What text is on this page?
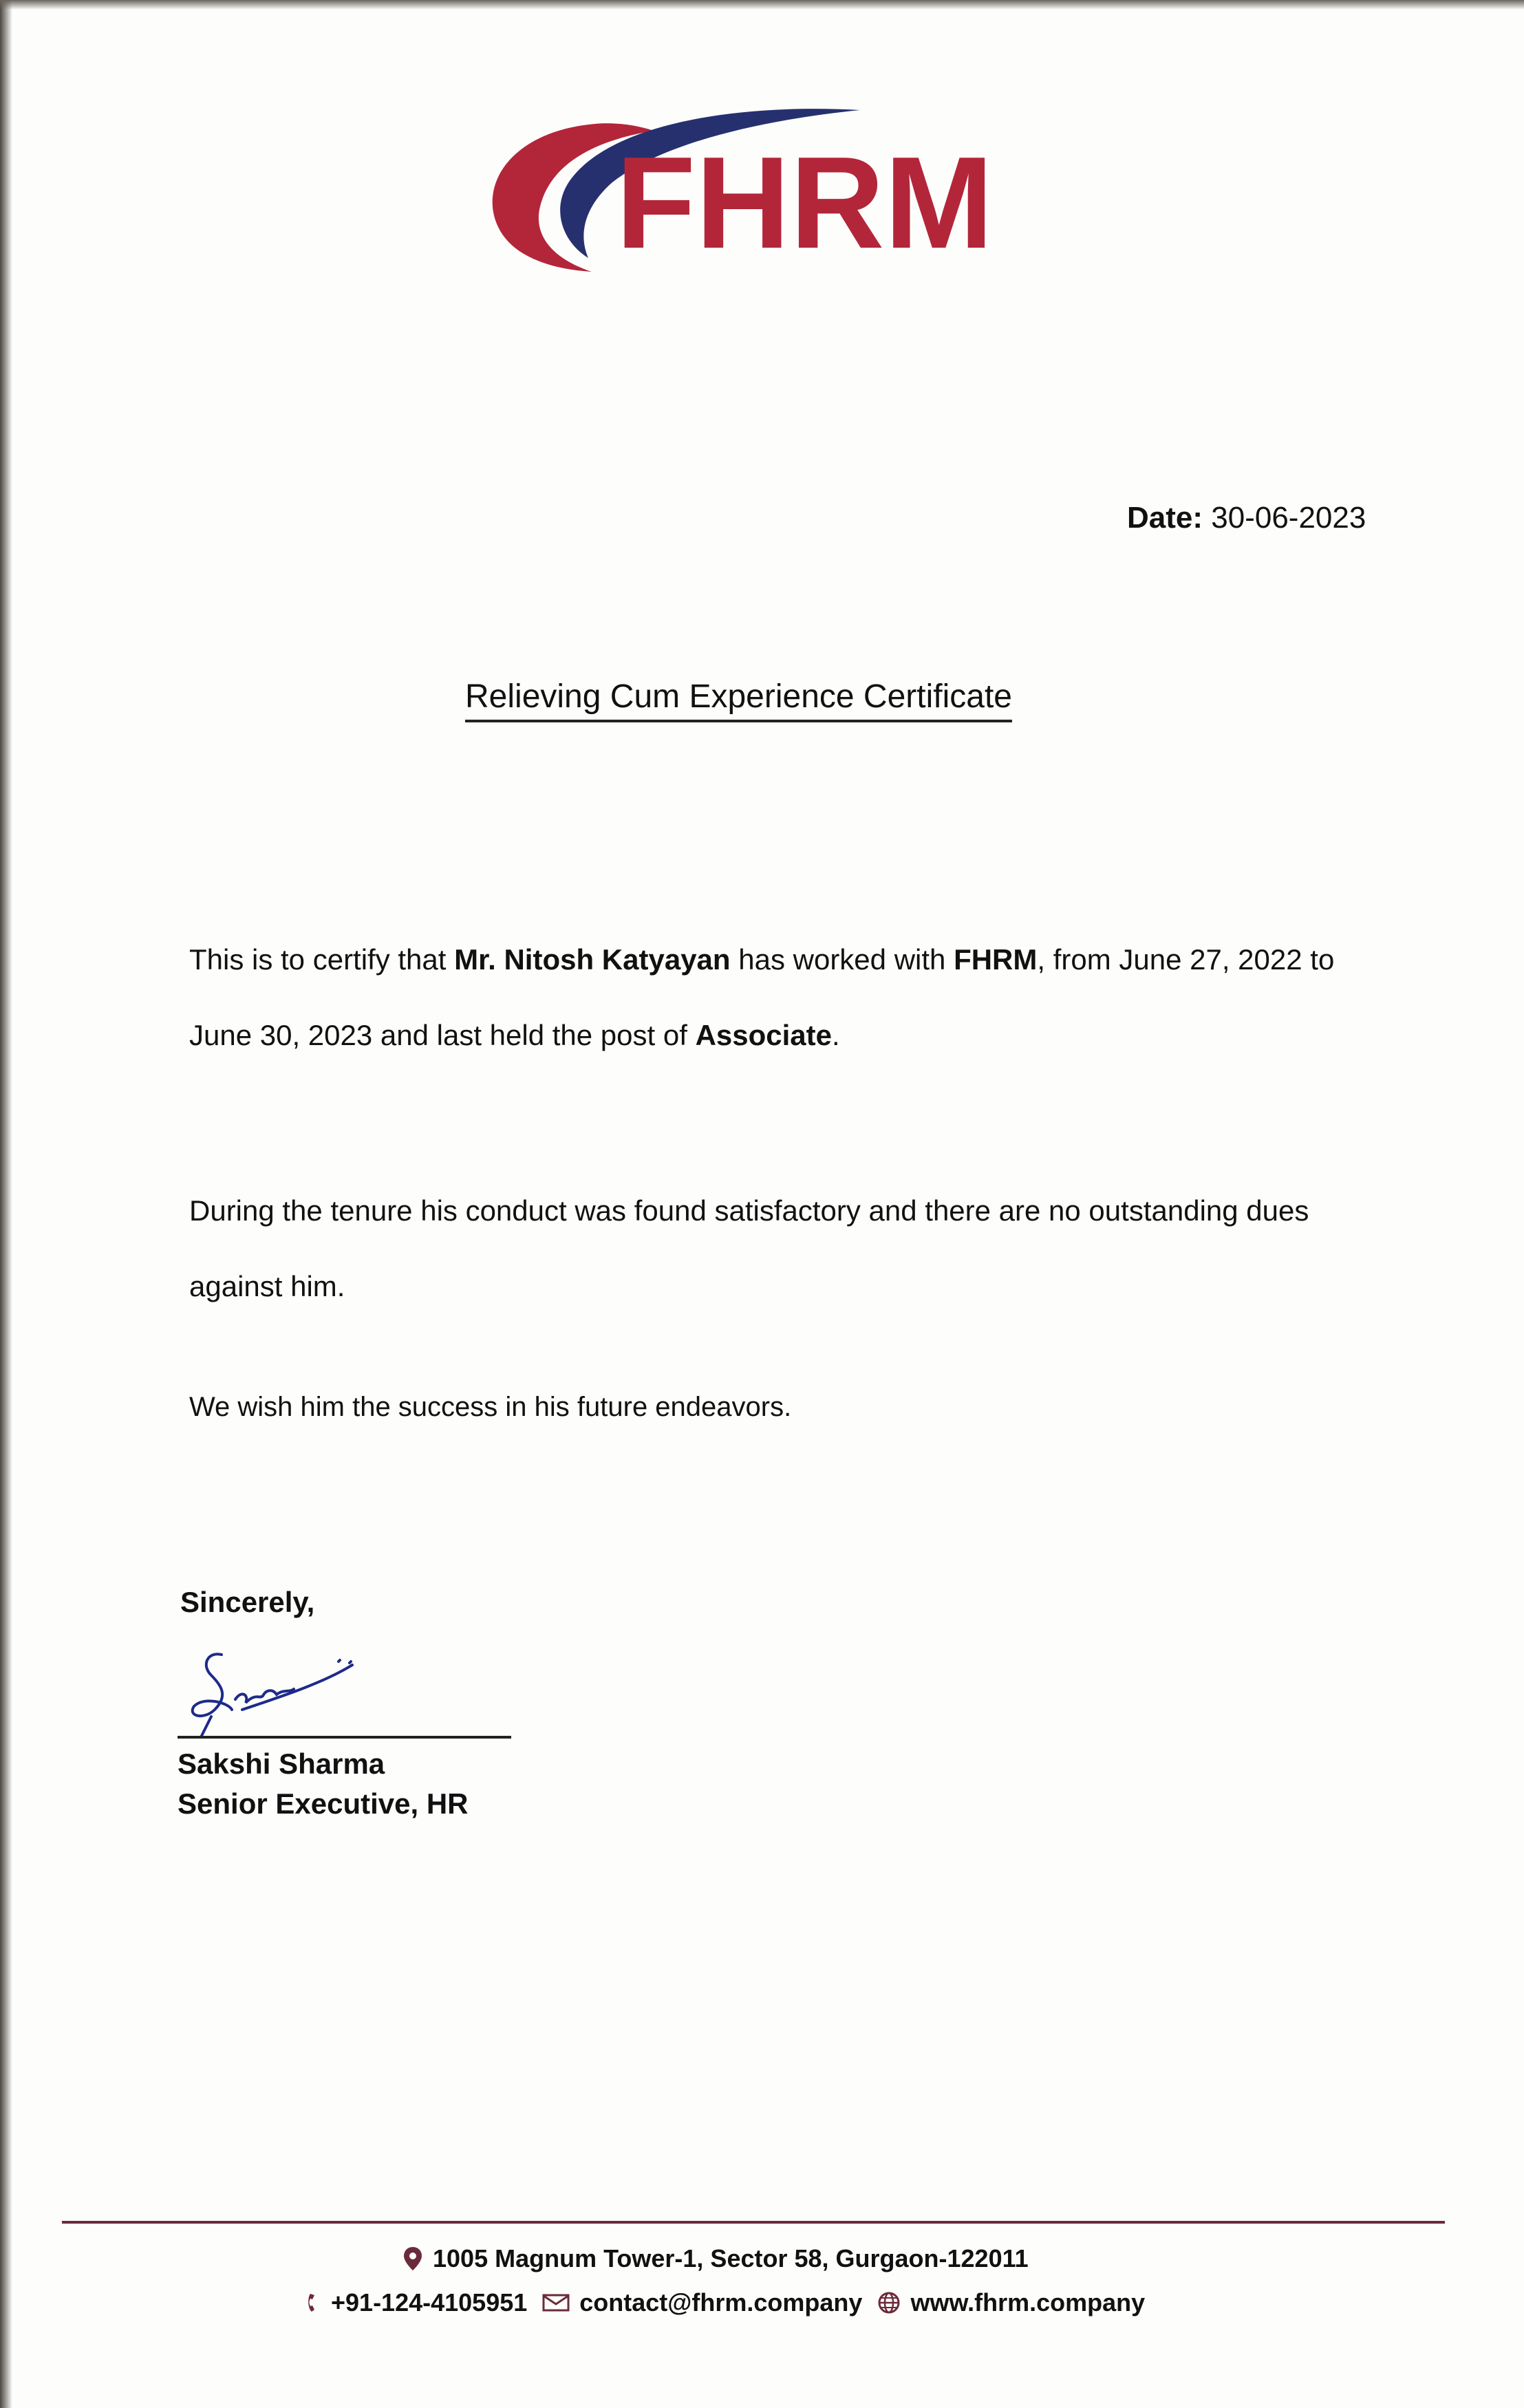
FHRM
Date: 30-06-2023
Relieving Cum Experience Certificate
This is to certify that Mr. Nitosh Katyayan has worked with FHRM, from June 27, 2022 to June 30, 2023 and last held the post of Associate.
During the tenure his conduct was found satisfactory and there are no outstanding dues against him.
We wish him the success in his future endeavors.
Sincerely,
Sakshi Sharma
Senior Executive, HR
1005 Magnum Tower-1, Sector 58, Gurgaon-122011
+91-124-4105951 contact@fhrm.company www.fhrm.company
